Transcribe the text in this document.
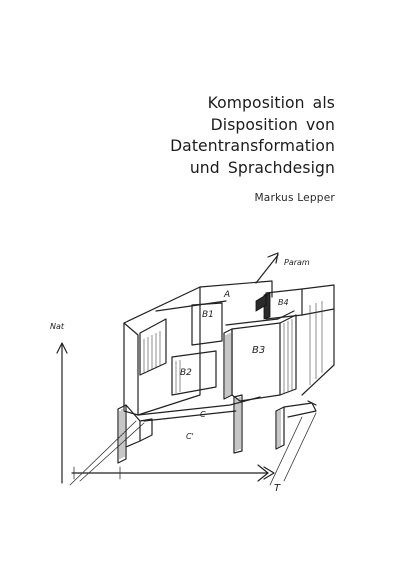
Komposition als
Disposition von
Datentransformation
und Sprachdesign
Markus Lepper
Param
Nat
A
B1
B2
B3
B4
C
C'
T
